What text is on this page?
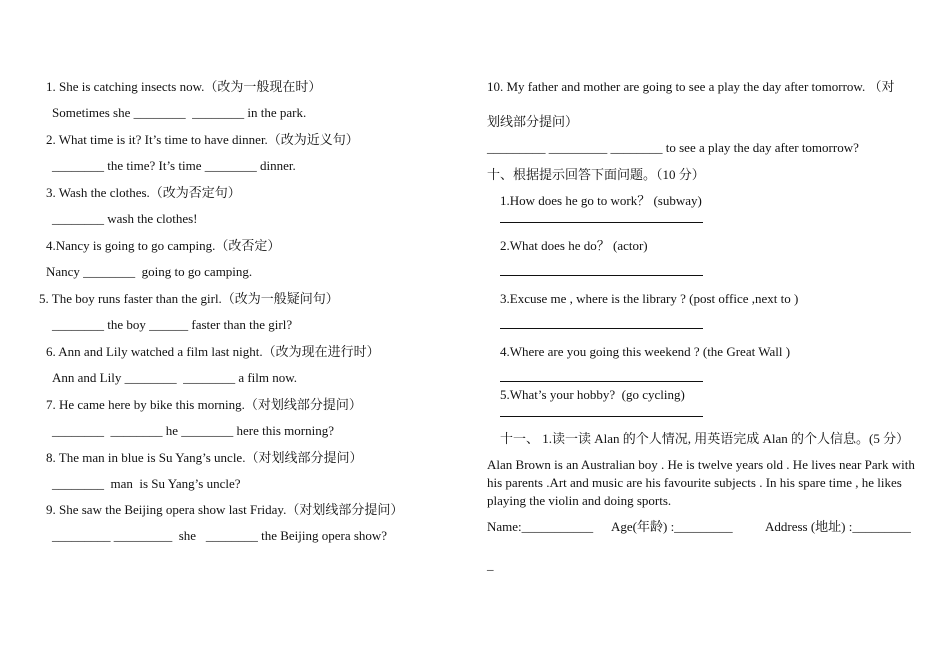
1. She is catching insects now.（改为一般现在时）
Sometimes she ________  ________ in the park.
2. What time is it? It’s time to have dinner.（改为近义句）
________ the time? It’s time ________ dinner.
3. Wash the clothes.（改为否定句）
________ wash the clothes!
4.Nancy is going to go camping.（改否定）
Nancy ________  going to go camping.
5. The boy runs faster than the girl.（改为一般疑问句）
________ the boy ______ faster than the girl?
6. Ann and Lily watched a film last night.（改为现在进行时）
Ann and Lily ________  ________ a film now.
7. He came here by bike this morning.（对划线部分提问）
________  ________ he ________ here this morning?
8. The man in blue is Su Yang’s uncle.（对划线部分提问）
________  man  is Su Yang’s uncle?
9. She saw the Beijing opera show last Friday.（对划线部分提问）
_________ _________  she   ________ the Beijing opera show?
10. My father and mother are going to see a play the day after tomorrow. （对
划线部分提问）
_________ _________ ________ to see a play the day after tomorrow?
十、根据提示回答下面问题。（10 分）
1.How does he go to work？ (subway)
2.What does he do？ (actor)
3.Excuse me , where is the library ? (post office ,next to )
4.Where are you going this weekend ? (the Great Wall )
5.What’s your hobby?  (go cycling)
十一、 1.读一读 Alan 的个人情况, 用英语完成 Alan 的个人信息。(5 分）
Alan Brown is an Australian boy . He is twelve years old . He lives near Park with his parents .Art and music are his favourite subjects . In his spare time , he likes playing the violin and doing sports.
Name:___________ Age(年龄) :_________ Address (地址) :_________
_
